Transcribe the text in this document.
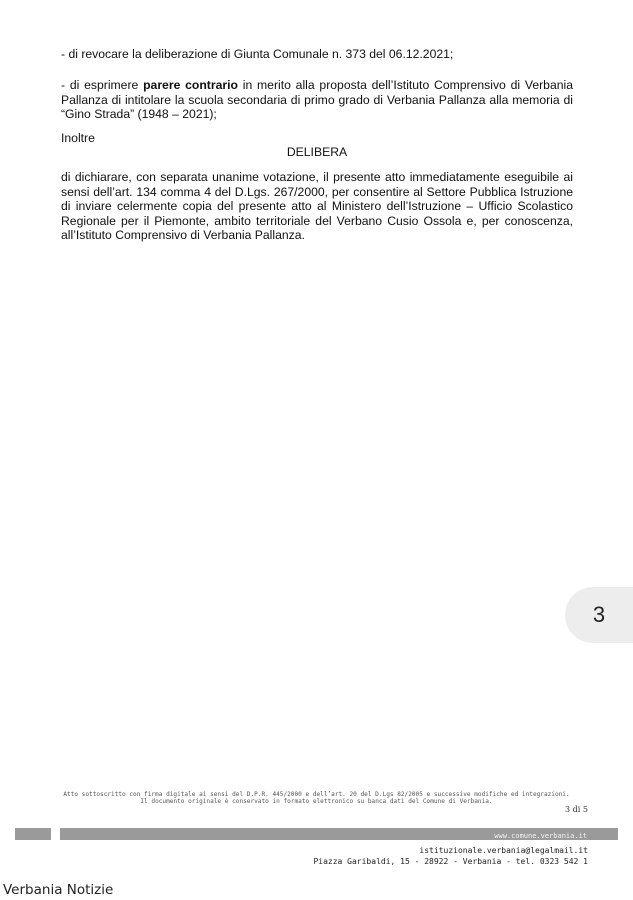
- di revocare la deliberazione di Giunta Comunale n. 373 del 06.12.2021;
- di esprimere parere contrario in merito alla proposta dell’Istituto Comprensivo di Verbania Pallanza di intitolare la scuola secondaria di primo grado di Verbania Pallanza alla memoria di “Gino Strada” (1948 – 2021);
Inoltre
DELIBERA
di dichiarare, con separata unanime votazione, il presente atto immediatamente eseguibile ai sensi dell’art. 134 comma 4 del D.Lgs. 267/2000, per consentire al Settore Pubblica Istruzione di inviare celermente copia del presente atto al Ministero dell’Istruzione – Ufficio Scolastico Regionale per il Piemonte, ambito territoriale del Verbano Cusio Ossola e, per conoscenza, all’Istituto Comprensivo di Verbania Pallanza.
3
Atto sottoscritto con firma digitale ai sensi del D.P.R. 445/2000 e dell’art. 20 del D.Lgs 82/2005 e successive modifiche ed integrazioni.
Il documento originale è conservato in formato elettronico su banca dati del Comune di Verbania.
3 di 5
www.comune.verbania.it
istituzionale.verbania@legalmail.it
Piazza Garibaldi, 15 - 28922 - Verbania - tel. 0323 542 1
Verbania Notizie
